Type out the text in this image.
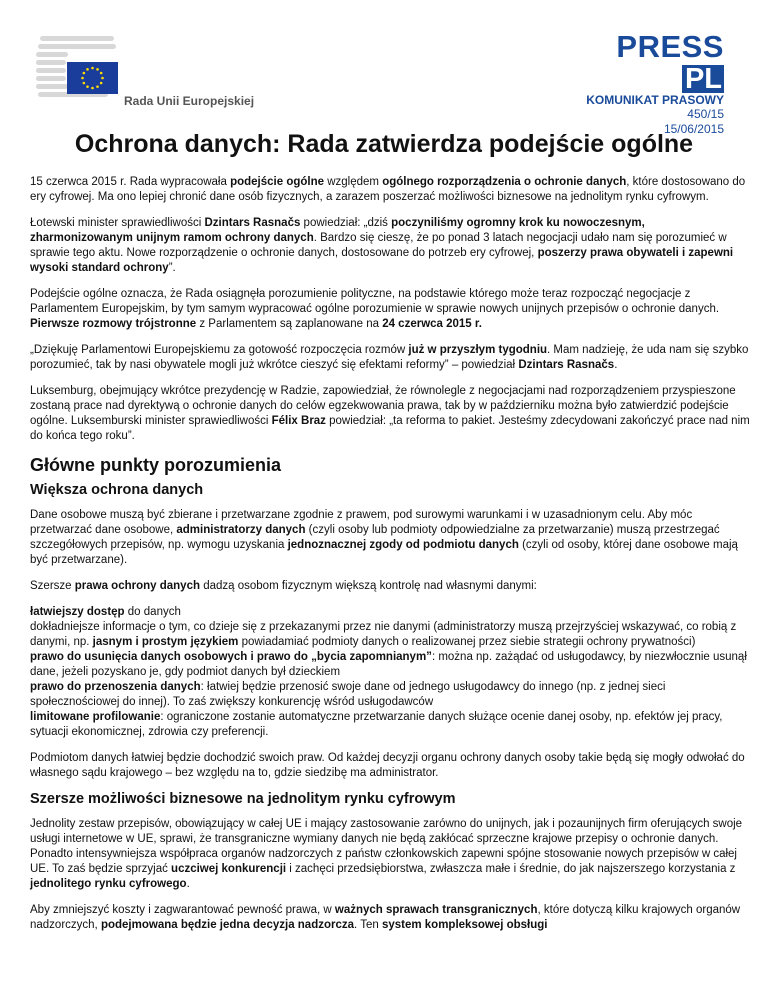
Rada Unii Europejskiej
PRESS
PL
KOMUNIKAT PRASOWY
450/15
15/06/2015
Ochrona danych: Rada zatwierdza podejście ogólne

15 czerwca 2015 r. Rada wypracowała podejście ogólne względem ogólnego rozporządzenia o ochronie danych, które dostosowano do ery cyfrowej. Ma ono lepiej chronić dane osób fizycznych, a zarazem poszerzać możliwości biznesowe na jednolitym rynku cyfrowym.

Łotewski minister sprawiedliwości Dzintars Rasnačs powiedział: „dziś poczyniliśmy ogromny krok ku nowoczesnym, zharmonizowanym unijnym ramom ochrony danych. Bardzo się cieszę, że po ponad 3 latach negocjacji udało nam się porozumieć w sprawie tego aktu. Nowe rozporządzenie o ochronie danych, dostosowane do potrzeb ery cyfrowej, poszerzy prawa obywateli i zapewni wysoki standard ochrony”.

Podejście ogólne oznacza, że Rada osiągnęła porozumienie polityczne, na podstawie którego może teraz rozpocząć negocjacje z Parlamentem Europejskim, by tym samym wypracować ogólne porozumienie w sprawie nowych unijnych przepisów o ochronie danych. Pierwsze rozmowy trójstronne z Parlamentem są zaplanowane na 24 czerwca 2015 r.

„Dziękuję Parlamentowi Europejskiemu za gotowość rozpoczęcia rozmów już w przyszłym tygodniu. Mam nadzieję, że uda nam się szybko porozumieć, tak by nasi obywatele mogli już wkrótce cieszyć się efektami reformy” – powiedział Dzintars Rasnačs.

Luksemburg, obejmujący wkrótce prezydencję w Radzie, zapowiedział, że równolegle z negocjacjami nad rozporządzeniem przyspieszone zostaną prace nad dyrektywą o ochronie danych do celów egzekwowania prawa, tak by w październiku można było zatwierdzić podejście ogólne. Luksemburski minister sprawiedliwości Félix Braz powiedział: „ta reforma to pakiet. Jesteśmy zdecydowani zakończyć prace nad nim do końca tego roku”.

Główne punkty porozumienia
Większa ochrona danych

Dane osobowe muszą być zbierane i przetwarzane zgodnie z prawem, pod surowymi warunkami i w uzasadnionym celu. Aby móc przetwarzać dane osobowe, administratorzy danych (czyli osoby lub podmioty odpowiedzialne za przetwarzanie) muszą przestrzegać szczegółowych przepisów, np. wymogu uzyskania jednoznacznej zgody od podmiotu danych (czyli od osoby, której dane osobowe mają być przetwarzane).

Szersze prawa ochrony danych dadzą osobom fizycznym większą kontrolę nad własnymi danymi:

łatwiejszy dostęp do danych

dokładniejsze informacje o tym, co dzieje się z przekazanymi przez nie danymi (administratorzy muszą przejrzyściej wskazywać, co robią z danymi, np. jasnym i prostym językiem powiadamiać podmioty danych o realizowanej przez siebie strategii ochrony prywatności)

prawo do usunięcia danych osobowych i prawo do „bycia zapomnianym”: można np. zażądać od usługodawcy, by niezwłocznie usunął dane, jeżeli pozyskano je, gdy podmiot danych był dzieckiem

prawo do przenoszenia danych: łatwiej będzie przenosić swoje dane od jednego usługodawcy do innego (np. z jednej sieci społecznościowej do innej). To zaś zwiększy konkurencję wśród usługodawców

limitowane profilowanie: ograniczone zostanie automatyczne przetwarzanie danych służące ocenie danej osoby, np. efektów jej pracy, sytuacji ekonomicznej, zdrowia czy preferencji.

Podmiotom danych łatwiej będzie dochodzić swoich praw. Od każdej decyzji organu ochrony danych osoby takie będą się mogły odwołać do własnego sądu krajowego – bez względu na to, gdzie siedzibę ma administrator.

Szersze możliwości biznesowe na jednolitym rynku cyfrowym

Jednolity zestaw przepisów, obowiązujący w całej UE i mający zastosowanie zarówno do unijnych, jak i pozaunijnych firm oferujących swoje usługi internetowe w UE, sprawi, że transgraniczne wymiany danych nie będą zakłócać sprzeczne krajowe przepisy o ochronie danych. Ponadto intensywniejsza współpraca organów nadzorczych z państw członkowskich zapewni spójne stosowanie nowych przepisów w całej UE. To zaś będzie sprzyjać uczciwej konkurencji i zachęci przedsiębiorstwa, zwłaszcza małe i średnie, do jak najszerszego korzystania z jednolitego rynku cyfrowego.

Aby zmniejszyć koszty i zagwarantować pewność prawa, w ważnych sprawach transgranicznych, które dotyczą kilku krajowych organów nadzorczych, podejmowana będzie jedna decyzja nadzorcza. Ten system kompleksowej obsługi
